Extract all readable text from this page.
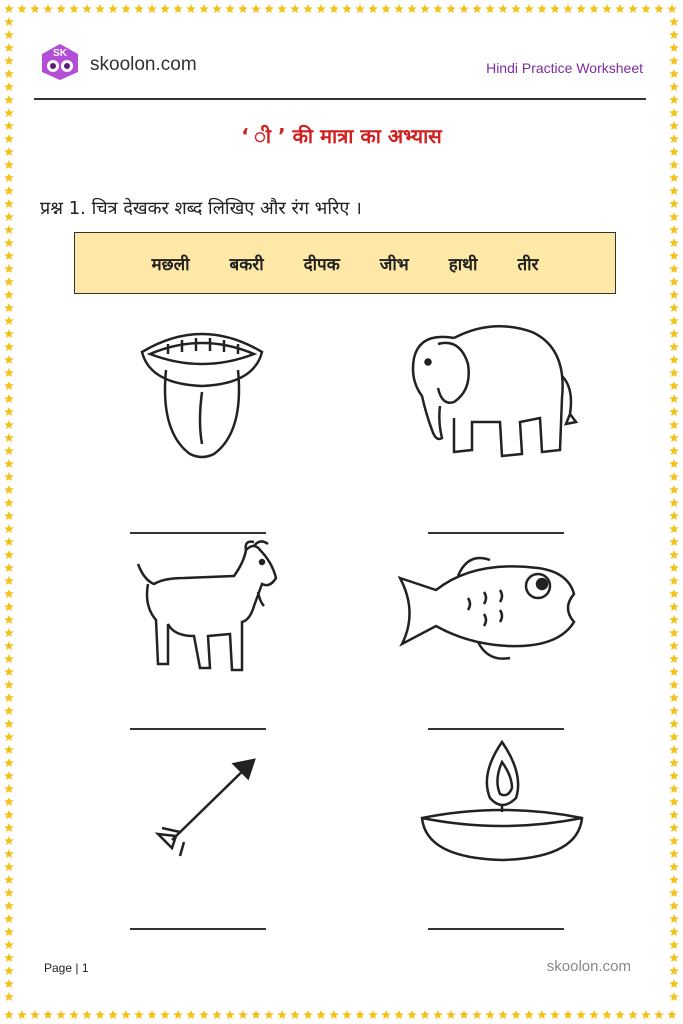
SK
skoolon.com	Hindi Practice Worksheet
‘ ी ’ की मात्रा का अभ्यास
प्रश्न 1. चित्र देखकर शब्द लिखिए और रंग भरिए ।
मछली बकरी दीपक जीभ हाथी तीर
Page | 1	skoolon.com
